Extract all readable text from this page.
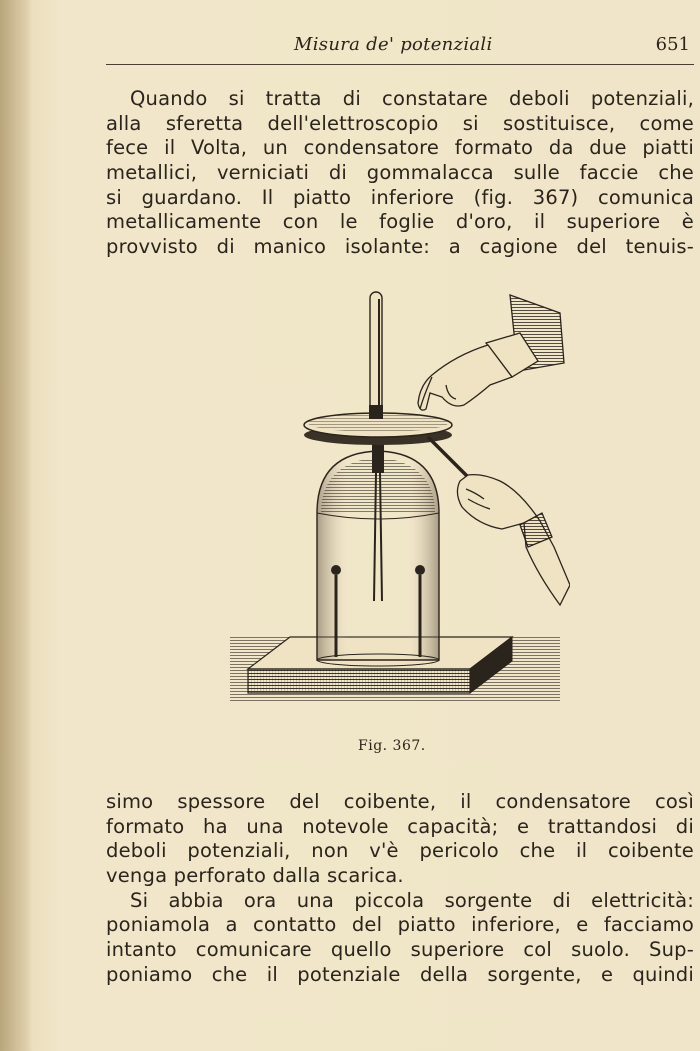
Misura de' potenziali	651
Quando si tratta di constatare deboli potenziali,
alla sferetta dell'elettroscopio si sostituisce, come
fece il Volta, un condensatore formato da due piatti
metallici, verniciati di gommalacca sulle faccie che
si guardano. Il piatto inferiore (fig. 367) comunica
metallicamente con le foglie d'oro, il superiore è
provvisto di manico isolante: a cagione del tenuis-
Fig. 367.
simo spessore del coibente, il condensatore così
formato ha una notevole capacità; e trattandosi di
deboli potenziali, non v'è pericolo che il coibente
venga perforato dalla scarica.
Si abbia ora una piccola sorgente di elettricità:
poniamola a contatto del piatto inferiore, e facciamo
intanto comunicare quello superiore col suolo. Sup-
poniamo che il potenziale della sorgente, e quindi
